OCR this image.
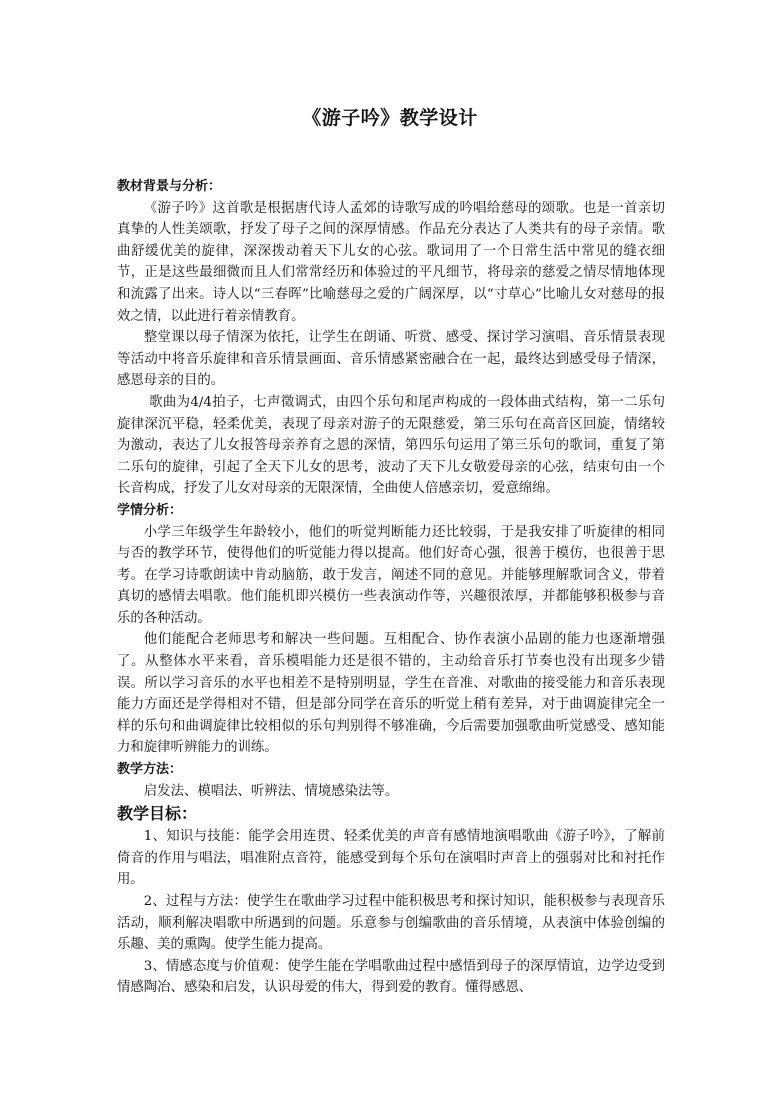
《游子吟》教学设计
教材背景与分析：

《游子吟》这首歌是根据唐代诗人孟郊的诗歌写成的吟唱给慈母的颂歌。也是一首亲切真挚的人性美颂歌，抒发了母子之间的深厚情感。作品充分表达了人类共有的母子亲情。歌曲舒缓优美的旋律，深深拨动着天下儿女的心弦。歌词用了一个日常生活中常见的缝衣细节，正是这些最细微而且人们常常经历和体验过的平凡细节，将母亲的慈爱之情尽情地体现和流露了出来。诗人以“三春晖”比喻慈母之爱的广阔深厚，以“寸草心”比喻儿女对慈母的报效之情，以此进行着亲情教育。

整堂课以母子情深为依托，让学生在朗诵、听赏、感受、探讨学习演唱、音乐情景表现等活动中将音乐旋律和音乐情景画面、音乐情感紧密融合在一起，最终达到感受母子情深，感恩母亲的目的。

歌曲为4/4拍子，七声徵调式，由四个乐句和尾声构成的一段体曲式结构，第一二乐句旋律深沉平稳，轻柔优美，表现了母亲对游子的无限慈爱，第三乐句在高音区回旋，情绪较为激动，表达了儿女报答母亲养育之恩的深情，第四乐句运用了第三乐句的歌词，重复了第二乐句的旋律，引起了全天下儿女的思考，波动了天下儿女敬爱母亲的心弦，结束句由一个长音构成，抒发了儿女对母亲的无限深情，全曲使人倍感亲切，爱意绵绵。

学情分析：

小学三年级学生年龄较小，他们的听觉判断能力还比较弱，于是我安排了听旋律的相同与否的教学环节，使得他们的听觉能力得以提高。他们好奇心强，很善于模仿，也很善于思考。在学习诗歌朗读中肯动脑筋，敢于发言，阐述不同的意见。并能够理解歌词含义，带着真切的感情去唱歌。他们能机即兴模仿一些表演动作等，兴趣很浓厚，并都能够积极参与音乐的各种活动。

他们能配合老师思考和解决一些问题。互相配合、协作表演小品剧的能力也逐渐增强了。从整体水平来看，音乐模唱能力还是很不错的，主动给音乐打节奏也没有出现多少错误。所以学习音乐的水平也相差不是特别明显，学生在音准、对歌曲的接受能力和音乐表现能力方面还是学得相对不错，但是部分同学在音乐的听觉上稍有差异，对于曲调旋律完全一样的乐句和曲调旋律比较相似的乐句判别得不够准确，今后需要加强歌曲听觉感受、感知能力和旋律听辨能力的训练。

教学方法：

启发法、模唱法、听辨法、情境感染法等。

教学目标：

1、知识与技能：能学会用连贯、轻柔优美的声音有感情地演唱歌曲《游子吟》，了解前倚音的作用与唱法，唱准附点音符，能感受到每个乐句在演唱时声音上的强弱对比和衬托作用。

2、过程与方法：使学生在歌曲学习过程中能积极思考和探讨知识，能积极参与表现音乐活动，顺利解决唱歌中所遇到的问题。乐意参与创编歌曲的音乐情境，从表演中体验创编的乐趣、美的熏陶。使学生能力提高。

3、情感态度与价值观：使学生能在学唱歌曲过程中感悟到母子的深厚情谊，边学边受到情感陶冶、感染和启发，认识母爱的伟大，得到爱的教育。懂得感恩、
